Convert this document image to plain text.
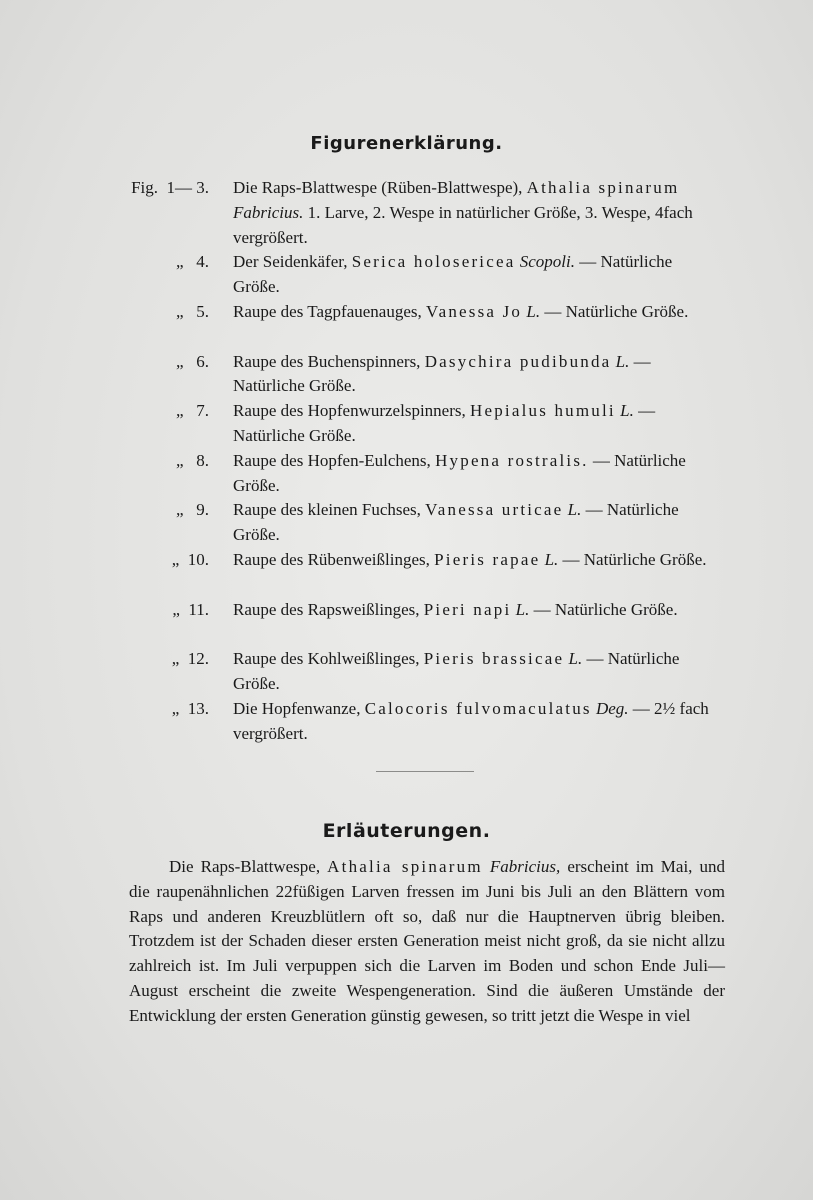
Figurenerklärung.
Fig.  1— 3. Die Raps-Blattwespe (Rüben-Blattwespe), Athalia spinarum Fabricius. 1. Larve, 2. Wespe in natürlicher Größe, 3. Wespe, 4fach vergrößert.
„   4. Der Seidenkäfer, Serica holosericea Scopoli. — Natürliche Größe.
„   5. Raupe des Tagpfauenauges, Vanessa Jo L. — Natürliche Größe.
„   6. Raupe des Buchenspinners, Dasychira pudibunda L. — Natürliche Größe.
„   7. Raupe des Hopfenwurzelspinners, Hepialus humuli L. — Natürliche Größe.
„   8. Raupe des Hopfen-Eulchens, Hypena rostralis. — Natürliche Größe.
„   9. Raupe des kleinen Fuchses, Vanessa urticae L. — Natürliche Größe.
„  10. Raupe des Rübenweißlinges, Pieris rapae L. — Natürliche Größe.
„  11. Raupe des Rapsweißlinges, Pieri napi L. — Natürliche Größe.
„  12. Raupe des Kohlweißlinges, Pieris brassicae L. — Natürliche Größe.
„  13. Die Hopfenwanze, Calocoris fulvomaculatus Deg. — 2½ fach vergrößert.
Erläuterungen.

Die Raps-Blattwespe, Athalia spinarum Fabricius, erscheint im Mai, und die raupenähnlichen 22füßigen Larven fressen im Juni bis Juli an den Blättern vom Raps und anderen Kreuzblütlern oft so, daß nur die Hauptnerven übrig bleiben. Trotzdem ist der Schaden dieser ersten Generation meist nicht groß, da sie nicht allzu zahlreich ist. Im Juli verpuppen sich die Larven im Boden und schon Ende Juli—August erscheint die zweite Wespengeneration. Sind die äußeren Umstände der Entwicklung der ersten Generation günstig gewesen, so tritt jetzt die Wespe in viel
